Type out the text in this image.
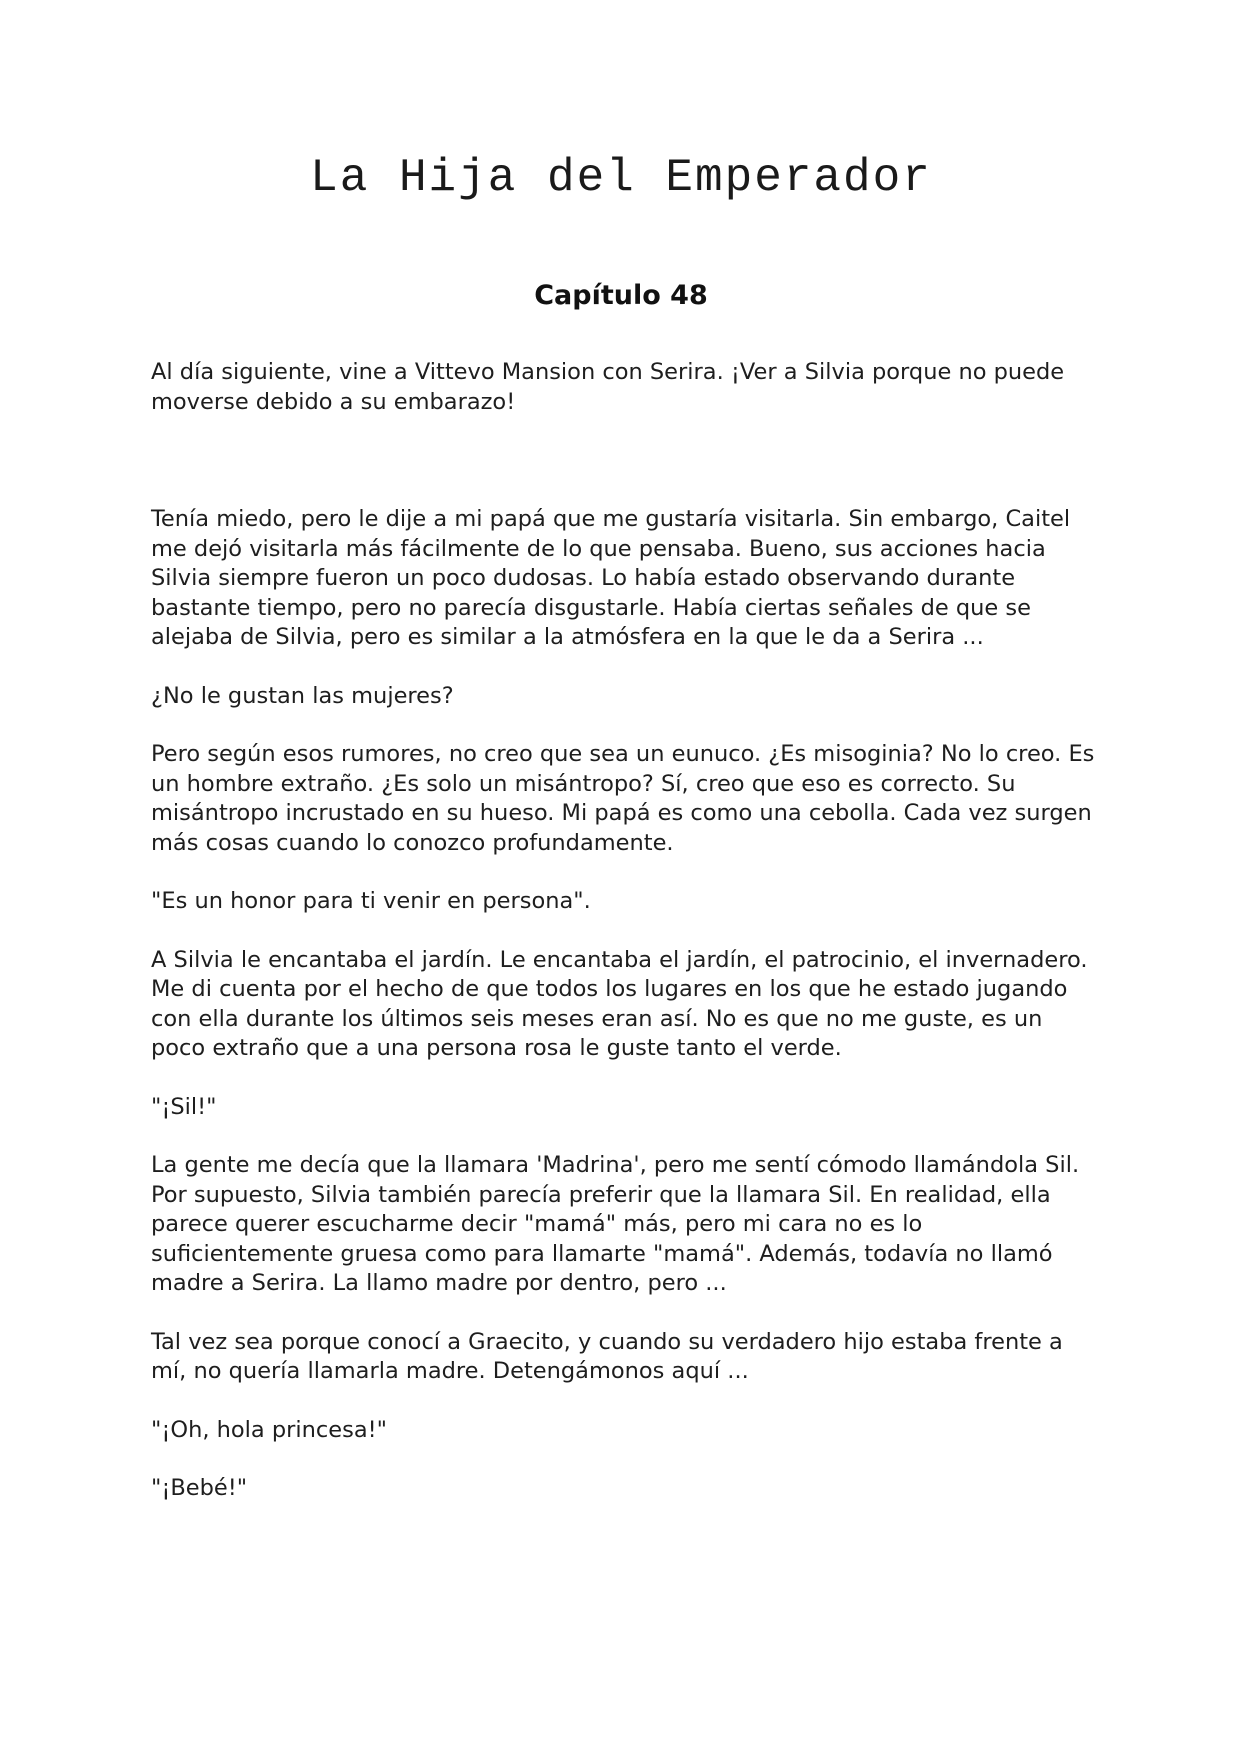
La Hija del Emperador
Capítulo 48

Al día siguiente, vine a Vittevo Mansion con Serira. ¡Ver a Silvia porque no puede moverse debido a su embarazo!

Tenía miedo, pero le dije a mi papá que me gustaría visitarla. Sin embargo, Caitel me dejó visitarla más fácilmente de lo que pensaba. Bueno, sus acciones hacia Silvia siempre fueron un poco dudosas. Lo había estado observando durante bastante tiempo, pero no parecía disgustarle. Había ciertas señales de que se alejaba de Silvia, pero es similar a la atmósfera en la que le da a Serira ...

¿No le gustan las mujeres?

Pero según esos rumores, no creo que sea un eunuco. ¿Es misoginia? No lo creo. Es un hombre extraño. ¿Es solo un misántropo? Sí, creo que eso es correcto. Su misántropo incrustado en su hueso. Mi papá es como una cebolla. Cada vez surgen más cosas cuando lo conozco profundamente.

"Es un honor para ti venir en persona".

A Silvia le encantaba el jardín. Le encantaba el jardín, el patrocinio, el invernadero. Me di cuenta por el hecho de que todos los lugares en los que he estado jugando con ella durante los últimos seis meses eran así. No es que no me guste, es un poco extraño que a una persona rosa le guste tanto el verde.

"¡Sil!"

La gente me decía que la llamara 'Madrina', pero me sentí cómodo llamándola Sil. Por supuesto, Silvia también parecía preferir que la llamara Sil. En realidad, ella parece querer escucharme decir "mamá" más, pero mi cara no es lo suficientemente gruesa como para llamarte "mamá". Además, todavía no llamó madre a Serira. La llamo madre por dentro, pero ...

Tal vez sea porque conocí a Graecito, y cuando su verdadero hijo estaba frente a mí, no quería llamarla madre. Detengámonos aquí ...

"¡Oh, hola princesa!"

"¡Bebé!"
